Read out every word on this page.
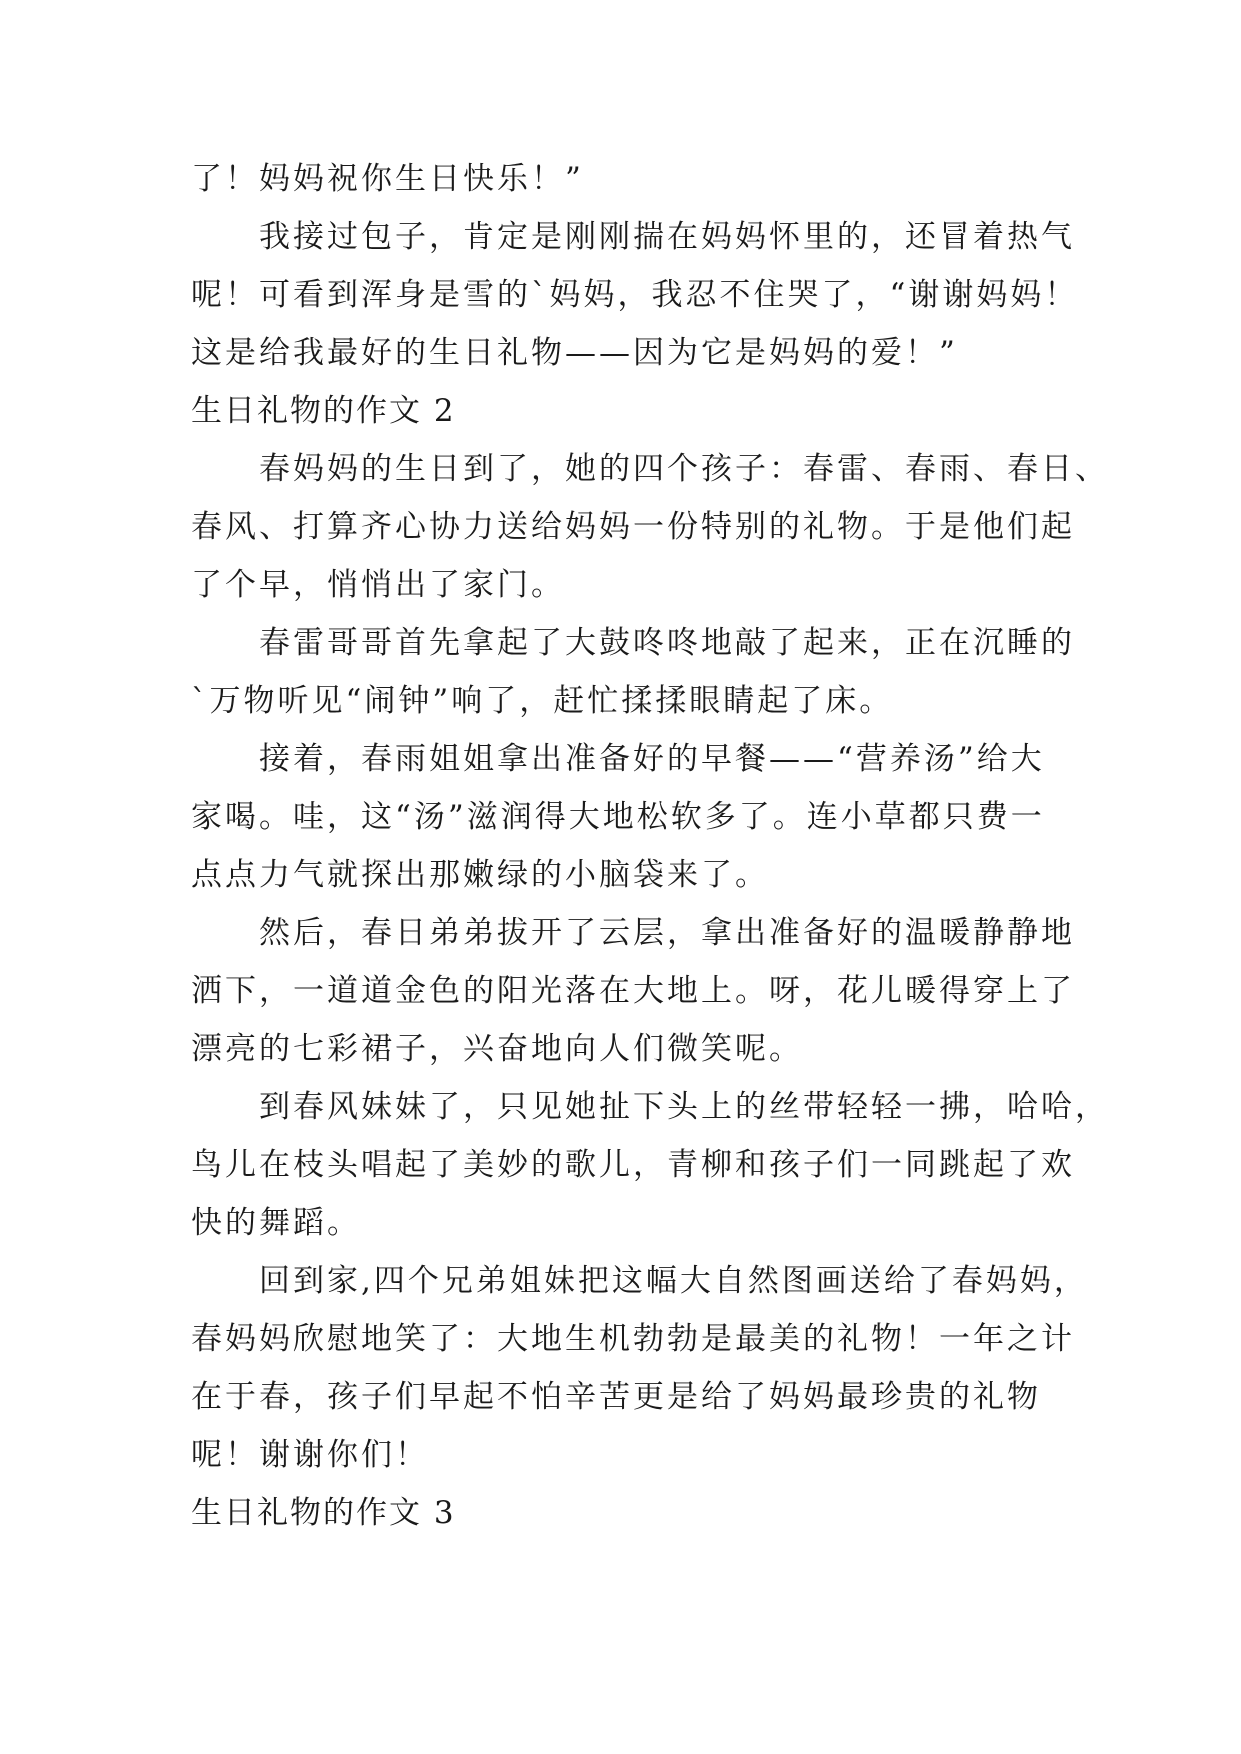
了！妈妈祝你生日快乐！”
我接过包子，肯定是刚刚揣在妈妈怀里的，还冒着热气
呢！可看到浑身是雪的`妈妈，我忍不住哭了，“谢谢妈妈！
这是给我最好的生日礼物——因为它是妈妈的爱！”
生日礼物的作文 2
春妈妈的生日到了，她的四个孩子：春雷、春雨、春日、
春风、打算齐心协力送给妈妈一份特别的礼物。于是他们起
了个早，悄悄出了家门。
春雷哥哥首先拿起了大鼓咚咚地敲了起来，正在沉睡的
`万物听见“闹钟”响了，赶忙揉揉眼睛起了床。
接着，春雨姐姐拿出准备好的早餐——“营养汤”给大
家喝。哇，这“汤”滋润得大地松软多了。连小草都只费一
点点力气就探出那嫩绿的小脑袋来了。
然后，春日弟弟拔开了云层，拿出准备好的温暖静静地
洒下，一道道金色的阳光落在大地上。呀，花儿暖得穿上了
漂亮的七彩裙子，兴奋地向人们微笑呢。
到春风妹妹了，只见她扯下头上的丝带轻轻一拂，哈哈，
鸟儿在枝头唱起了美妙的歌儿，青柳和孩子们一同跳起了欢
快的舞蹈。
回到家,四个兄弟姐妹把这幅大自然图画送给了春妈妈，
春妈妈欣慰地笑了：大地生机勃勃是最美的礼物！一年之计
在于春，孩子们早起不怕辛苦更是给了妈妈最珍贵的礼物
呢！谢谢你们！
生日礼物的作文 3
